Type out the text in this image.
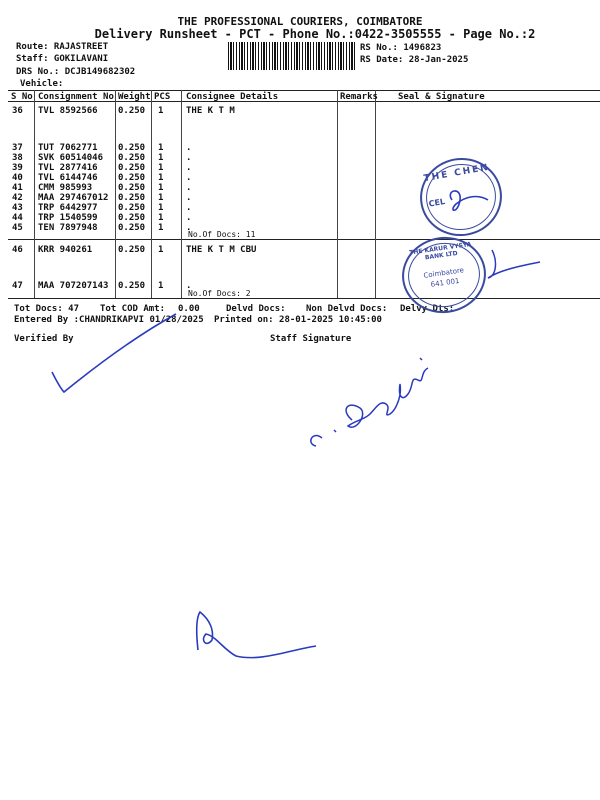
THE PROFESSIONAL COURIERS, COIMBATORE
Delivery Runsheet - PCT - Phone No.:0422-3505555 - Page No.:2
Route: RAJASTREET
Staff: GOKILAVANI
DRS No.: DCJB149682302
Vehicle:
RS No.: 1496823
RS Date: 28-Jan-2025
S No Consignment No Weight PCS Consignee Details	Remarks Seal & Signature
36 TVL 8592566 0.250 1	THE K T M
37 TUT 7062771 0.250 1	.
38 SVK 60514046 0.250 1	.
39 TVL 2877416 0.250 1	.
40 TVL 6144746 0.250 1	.
41 CMM 985993	0.250 1	.
42 MAA 297467012 0.250 1	.
43 TRP 6442977 0.250 1	.
44 TRP 1540599 0.250 1	.
45 TEN 7897948 0.250 1	.
No.Of Docs: 11
46 KRR 940261	0.250 1	THE K T M CBU
47 MAA 707207143 0.250 1	.
No.Of Docs: 2
Tot Docs: 47 Tot COD Amt: 0.00	Delvd Docs: Non Delvd Docs: Delvy Dts:
Entered By :CHANDRIKAPVI 01/28/2025 Printed on: 28-01-2025 10:45:00
Verified By	Staff Signature
THE CHEN
CEL
THE KARUR VYSYA BANK LTD
Coimbatore
641 001
